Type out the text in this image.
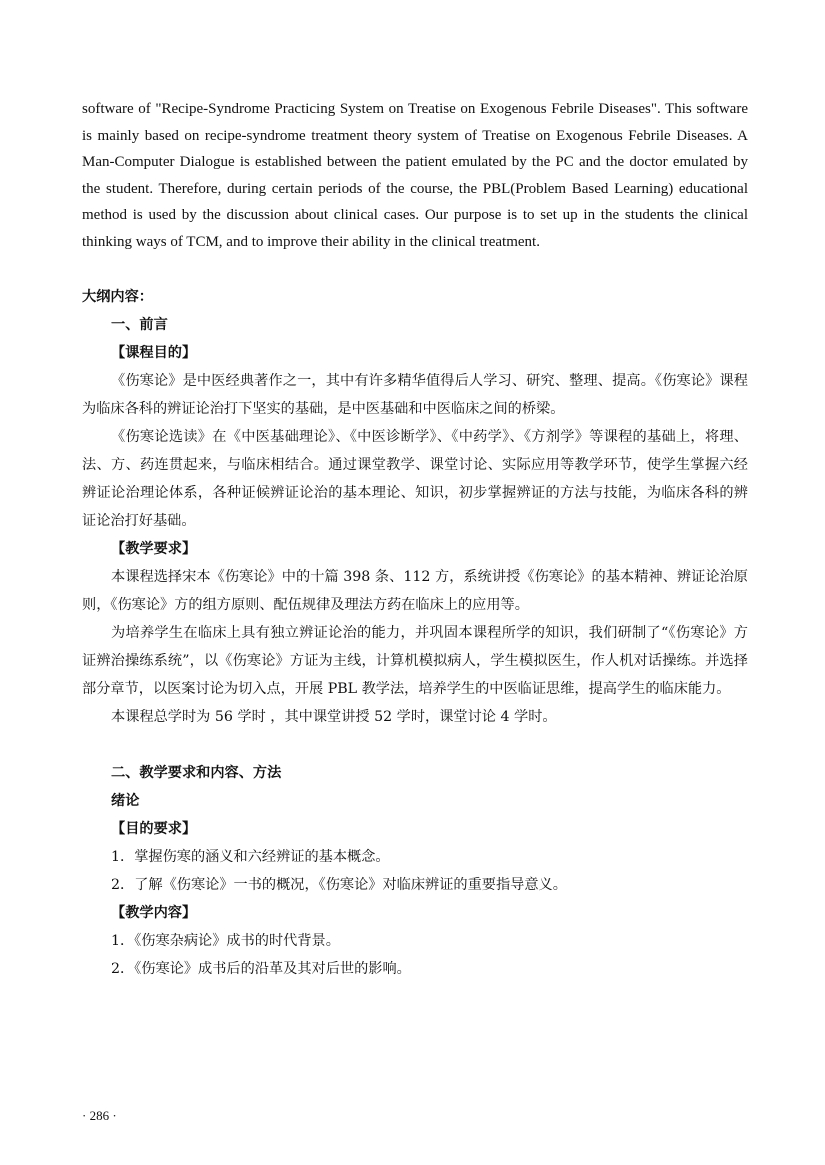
software of "Recipe-Syndrome Practicing System on Treatise on Exogenous Febrile Diseases". This software is mainly based on recipe-syndrome treatment theory system of Treatise on Exogenous Febrile Diseases. A Man-Computer Dialogue is established between the patient emulated by the PC and the doctor emulated by the student. Therefore, during certain periods of the course, the PBL(Problem Based Learning) educational method is used by the discussion about clinical cases. Our purpose is to set up in the students the clinical thinking ways of TCM, and to improve their ability in the clinical treatment.

大纲内容：

一、前言

【课程目的】

《伤寒论》是中医经典著作之一，其中有许多精华值得后人学习、研究、整理、提高。《伤寒论》课程为临床各科的辨证论治打下坚实的基础，是中医基础和中医临床之间的桥梁。

《伤寒论选读》在《中医基础理论》、《中医诊断学》、《中药学》、《方剂学》等课程的基础上，将理、法、方、药连贯起来，与临床相结合。通过课堂教学、课堂讨论、实际应用等教学环节，使学生掌握六经辨证论治理论体系，各种证候辨证论治的基本理论、知识，初步掌握辨证的方法与技能，为临床各科的辨证论治打好基础。

【教学要求】

本课程选择宋本《伤寒论》中的十篇 398 条、112 方，系统讲授《伤寒论》的基本精神、辨证论治原则，《伤寒论》方的组方原则、配伍规律及理法方药在临床上的应用等。

为培养学生在临床上具有独立辨证论治的能力，并巩固本课程所学的知识，我们研制了“《伤寒论》方证辨治操练系统”，以《伤寒论》方证为主线，计算机模拟病人，学生模拟医生，作人机对话操练。并选择部分章节，以医案讨论为切入点，开展 PBL 教学法，培养学生的中医临证思维，提高学生的临床能力。

本课程总学时为 56 学时 ，其中课堂讲授 52 学时，课堂讨论 4 学时。

二、教学要求和内容、方法

绪论

【目的要求】

1．掌握伤寒的涵义和六经辨证的基本概念。

2．了解《伤寒论》一书的概况，《伤寒论》对临床辨证的重要指导意义。

【教学内容】

1．《伤寒杂病论》成书的时代背景。

2．《伤寒论》成书后的沿革及其对后世的影响。

· 286 ·
